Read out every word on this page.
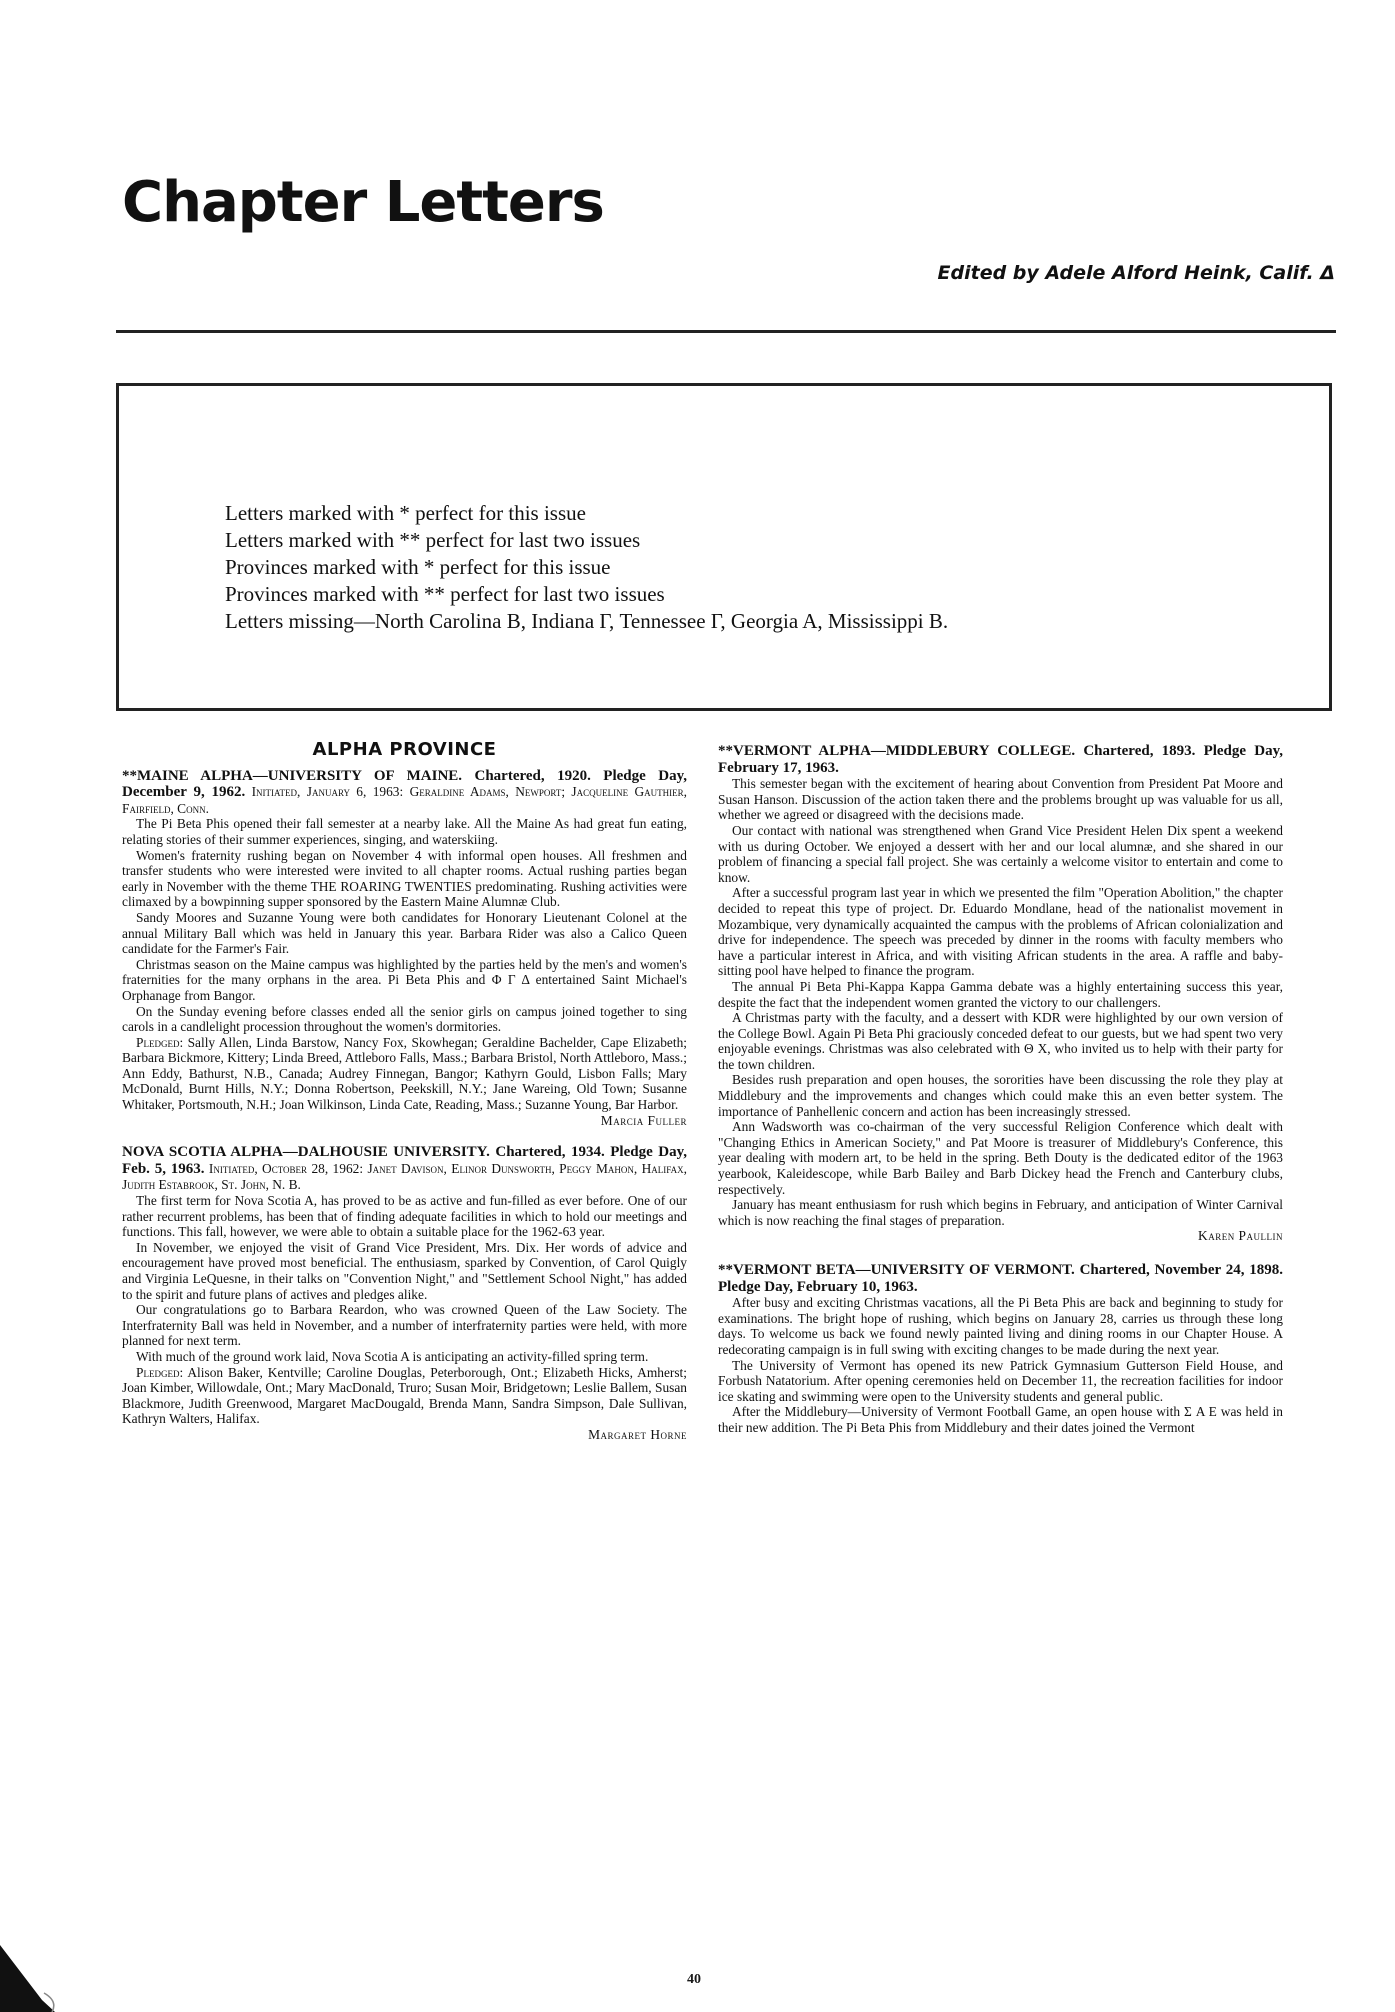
Chapter Letters
Edited by Adele Alford Heink, Calif. Δ
Letters marked with * perfect for this issue
Letters marked with ** perfect for last two issues
Provinces marked with * perfect for this issue
Provinces marked with ** perfect for last two issues
Letters missing—North Carolina B, Indiana Γ, Tennessee Γ, Georgia A, Mississippi B.
ALPHA PROVINCE

**MAINE ALPHA—UNIVERSITY OF MAINE. Chartered, 1920. Pledge Day, December 9, 1962. Initiated, January 6, 1963: Geraldine Adams, Newport; Jacqueline Gauthier, Fairfield, Conn.

The Pi Beta Phis opened their fall semester at a nearby lake. All the Maine As had great fun eating, relating stories of their summer experiences, singing, and waterskiing.

Women's fraternity rushing began on November 4 with informal open houses. All freshmen and transfer students who were interested were invited to all chapter rooms. Actual rushing parties began early in November with the theme THE ROARING TWENTIES predominating. Rushing activities were climaxed by a bowpinning supper sponsored by the Eastern Maine Alumnæ Club.

Sandy Moores and Suzanne Young were both candidates for Honorary Lieutenant Colonel at the annual Military Ball which was held in January this year. Barbara Rider was also a Calico Queen candidate for the Farmer's Fair.

Christmas season on the Maine campus was highlighted by the parties held by the men's and women's fraternities for the many orphans in the area. Pi Beta Phis and Φ Γ Δ entertained Saint Michael's Orphanage from Bangor.

On the Sunday evening before classes ended all the senior girls on campus joined together to sing carols in a candlelight procession throughout the women's dormitories.

Pledged: Sally Allen, Linda Barstow, Nancy Fox, Skowhegan; Geraldine Bachelder, Cape Elizabeth; Barbara Bickmore, Kittery; Linda Breed, Attleboro Falls, Mass.; Barbara Bristol, North Attleboro, Mass.; Ann Eddy, Bathurst, N.B., Canada; Audrey Finnegan, Bangor; Kathyrn Gould, Lisbon Falls; Mary McDonald, Burnt Hills, N.Y.; Donna Robertson, Peekskill, N.Y.; Jane Wareing, Old Town; Susanne Whitaker, Portsmouth, N.H.; Joan Wilkinson, Linda Cate, Reading, Mass.; Suzanne Young, Bar Harbor.

Marcia Fuller

NOVA SCOTIA ALPHA—DALHOUSIE UNIVERSITY. Chartered, 1934. Pledge Day, Feb. 5, 1963. Initiated, October 28, 1962: Janet Davison, Elinor Dunsworth, Peggy Mahon, Halifax, Judith Estabrook, St. John, N. B.

The first term for Nova Scotia A, has proved to be as active and fun-filled as ever before. One of our rather recurrent problems, has been that of finding adequate facilities in which to hold our meetings and functions. This fall, however, we were able to obtain a suitable place for the 1962-63 year.

In November, we enjoyed the visit of Grand Vice President, Mrs. Dix. Her words of advice and encouragement have proved most beneficial. The enthusiasm, sparked by Convention, of Carol Quigly and Virginia LeQuesne, in their talks on "Convention Night," and "Settlement School Night," has added to the spirit and future plans of actives and pledges alike.

Our congratulations go to Barbara Reardon, who was crowned Queen of the Law Society. The Interfraternity Ball was held in November, and a number of interfraternity parties were held, with more planned for next term.

With much of the ground work laid, Nova Scotia A is anticipating an activity-filled spring term.

Pledged: Alison Baker, Kentville; Caroline Douglas, Peterborough, Ont.; Elizabeth Hicks, Amherst; Joan Kimber, Willowdale, Ont.; Mary MacDonald, Truro; Susan Moir, Bridgetown; Leslie Ballem, Susan Blackmore, Judith Greenwood, Margaret MacDougald, Brenda Mann, Sandra Simpson, Dale Sullivan, Kathryn Walters, Halifax.

Margaret Horne

**VERMONT ALPHA—MIDDLEBURY COLLEGE. Chartered, 1893. Pledge Day, February 17, 1963.

This semester began with the excitement of hearing about Convention from President Pat Moore and Susan Hanson. Discussion of the action taken there and the problems brought up was valuable for us all, whether we agreed or disagreed with the decisions made.

Our contact with national was strengthened when Grand Vice President Helen Dix spent a weekend with us during October. We enjoyed a dessert with her and our local alumnæ, and she shared in our problem of financing a special fall project. She was certainly a welcome visitor to entertain and come to know.

After a successful program last year in which we presented the film "Operation Abolition," the chapter decided to repeat this type of project. Dr. Eduardo Mondlane, head of the nationalist movement in Mozambique, very dynamically acquainted the campus with the problems of African colonialization and drive for independence. The speech was preceded by dinner in the rooms with faculty members who have a particular interest in Africa, and with visiting African students in the area. A raffle and baby-sitting pool have helped to finance the program.

The annual Pi Beta Phi-Kappa Kappa Gamma debate was a highly entertaining success this year, despite the fact that the independent women granted the victory to our challengers.

A Christmas party with the faculty, and a dessert with KDR were highlighted by our own version of the College Bowl. Again Pi Beta Phi graciously conceded defeat to our guests, but we had spent two very enjoyable evenings. Christmas was also celebrated with Θ X, who invited us to help with their party for the town children.

Besides rush preparation and open houses, the sororities have been discussing the role they play at Middlebury and the improvements and changes which could make this an even better system. The importance of Panhellenic concern and action has been increasingly stressed.

Ann Wadsworth was co-chairman of the very successful Religion Conference which dealt with "Changing Ethics in American Society," and Pat Moore is treasurer of Middlebury's Conference, this year dealing with modern art, to be held in the spring. Beth Douty is the dedicated editor of the 1963 yearbook, Kaleidescope, while Barb Bailey and Barb Dickey head the French and Canterbury clubs, respectively.

January has meant enthusiasm for rush which begins in February, and anticipation of Winter Carnival which is now reaching the final stages of preparation.

Karen Paullin

**VERMONT BETA—UNIVERSITY OF VERMONT. Chartered, November 24, 1898. Pledge Day, February 10, 1963.

After busy and exciting Christmas vacations, all the Pi Beta Phis are back and beginning to study for examinations. The bright hope of rushing, which begins on January 28, carries us through these long days. To welcome us back we found newly painted living and dining rooms in our Chapter House. A redecorating campaign is in full swing with exciting changes to be made during the next year.

The University of Vermont has opened its new Patrick Gymnasium Gutterson Field House, and Forbush Natatorium. After opening ceremonies held on December 11, the recreation facilities for indoor ice skating and swimming were open to the University students and general public.

After the Middlebury—University of Vermont Football Game, an open house with Σ A E was held in their new addition. The Pi Beta Phis from Middlebury and their dates joined the Vermont

40
